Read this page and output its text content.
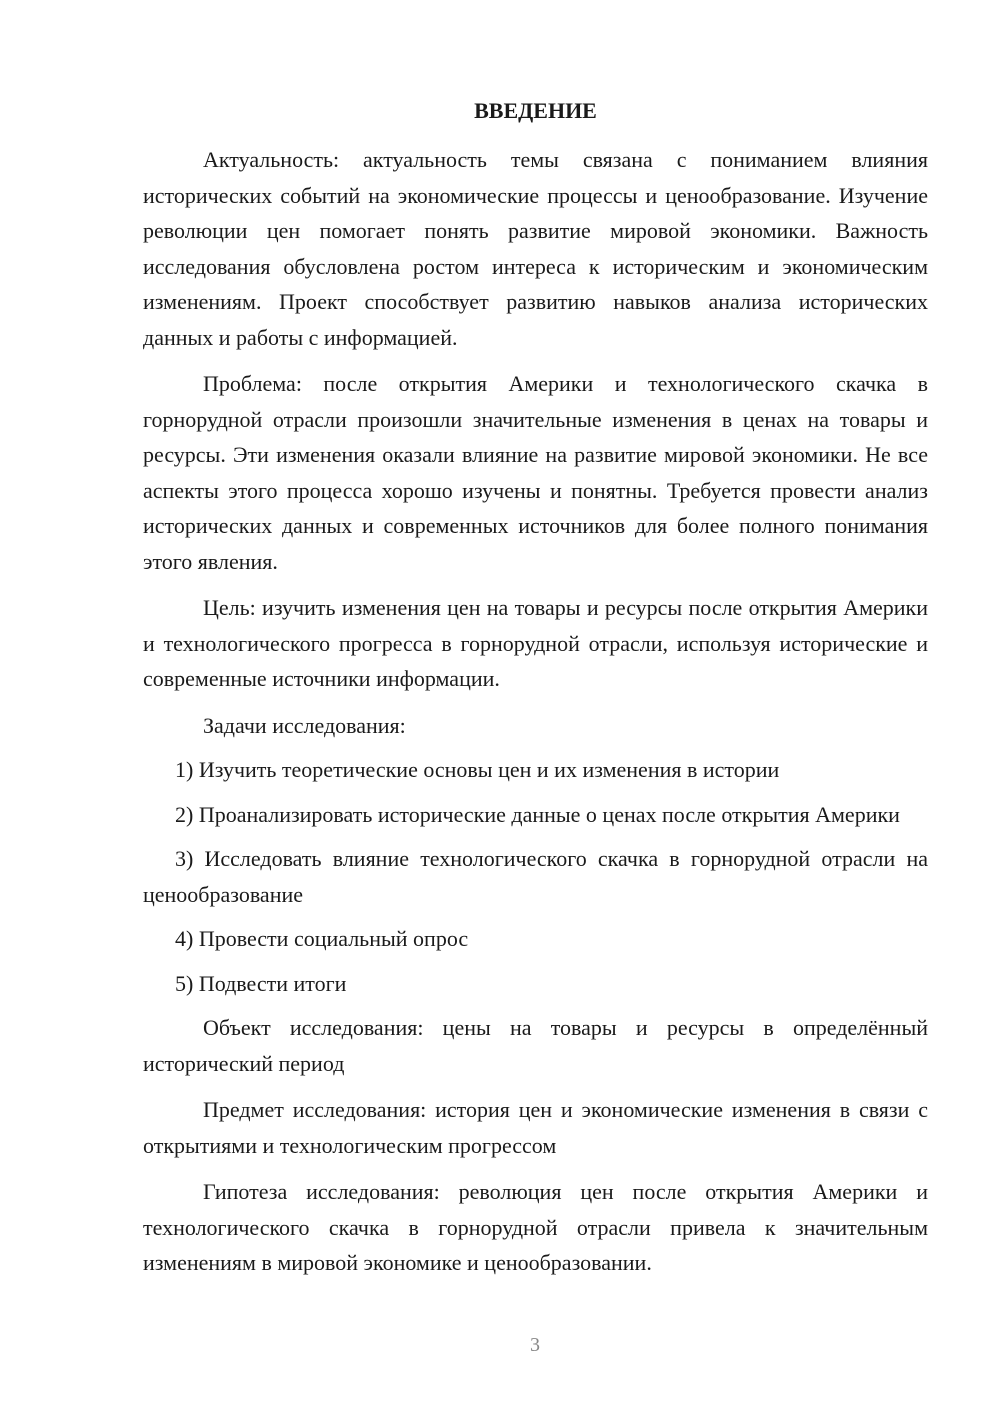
ВВЕДЕНИЕ

Актуальность: актуальность темы связана с пониманием влияния исторических событий на экономические процессы и ценообразование. Изучение революции цен помогает понять развитие мировой экономики. Важность исследования обусловлена ростом интереса к историческим и экономическим изменениям. Проект способствует развитию навыков анализа исторических данных и работы с информацией.

Проблема: после открытия Америки и технологического скачка в горнорудной отрасли произошли значительные изменения в ценах на товары и ресурсы. Эти изменения оказали влияние на развитие мировой экономики. Не все аспекты этого процесса хорошо изучены и понятны. Требуется провести анализ исторических данных и современных источников для более полного понимания этого явления.

Цель: изучить изменения цен на товары и ресурсы после открытия Америки и технологического прогресса в горнорудной отрасли, используя исторические и современные источники информации.

Задачи исследования:

1) Изучить теоретические основы цен и их изменения в истории

2) Проанализировать исторические данные о ценах после открытия Америки

3) Исследовать влияние технологического скачка в горнорудной отрасли на ценообразование

4) Провести социальный опрос

5) Подвести итоги

Объект исследования: цены на товары и ресурсы в определённый исторический период

Предмет исследования: история цен и экономические изменения в связи с открытиями и технологическим прогрессом

Гипотеза исследования: революция цен после открытия Америки и технологического скачка в горнорудной отрасли привела к значительным изменениям в мировой экономике и ценообразовании.

3
